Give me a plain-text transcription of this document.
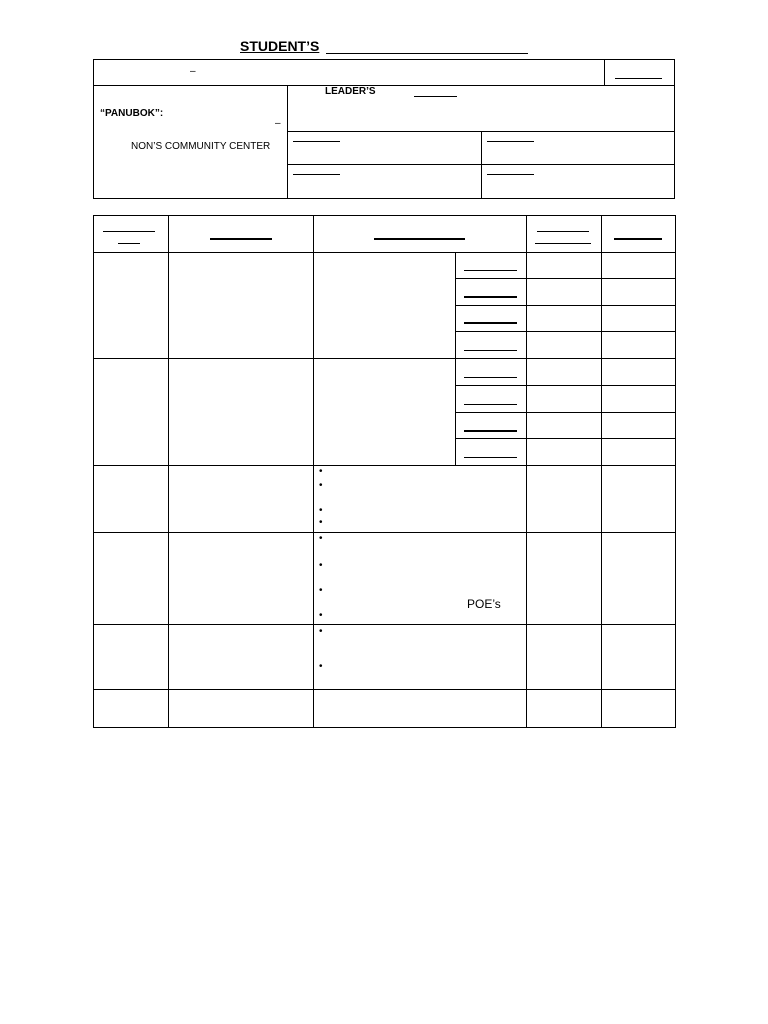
STUDENT’S
–
“PANUBOK”:
–
NON’S COMMUNITY CENTER
LEADER’S
•
•
•
•
•
•
•
•
POE’s
•
•
